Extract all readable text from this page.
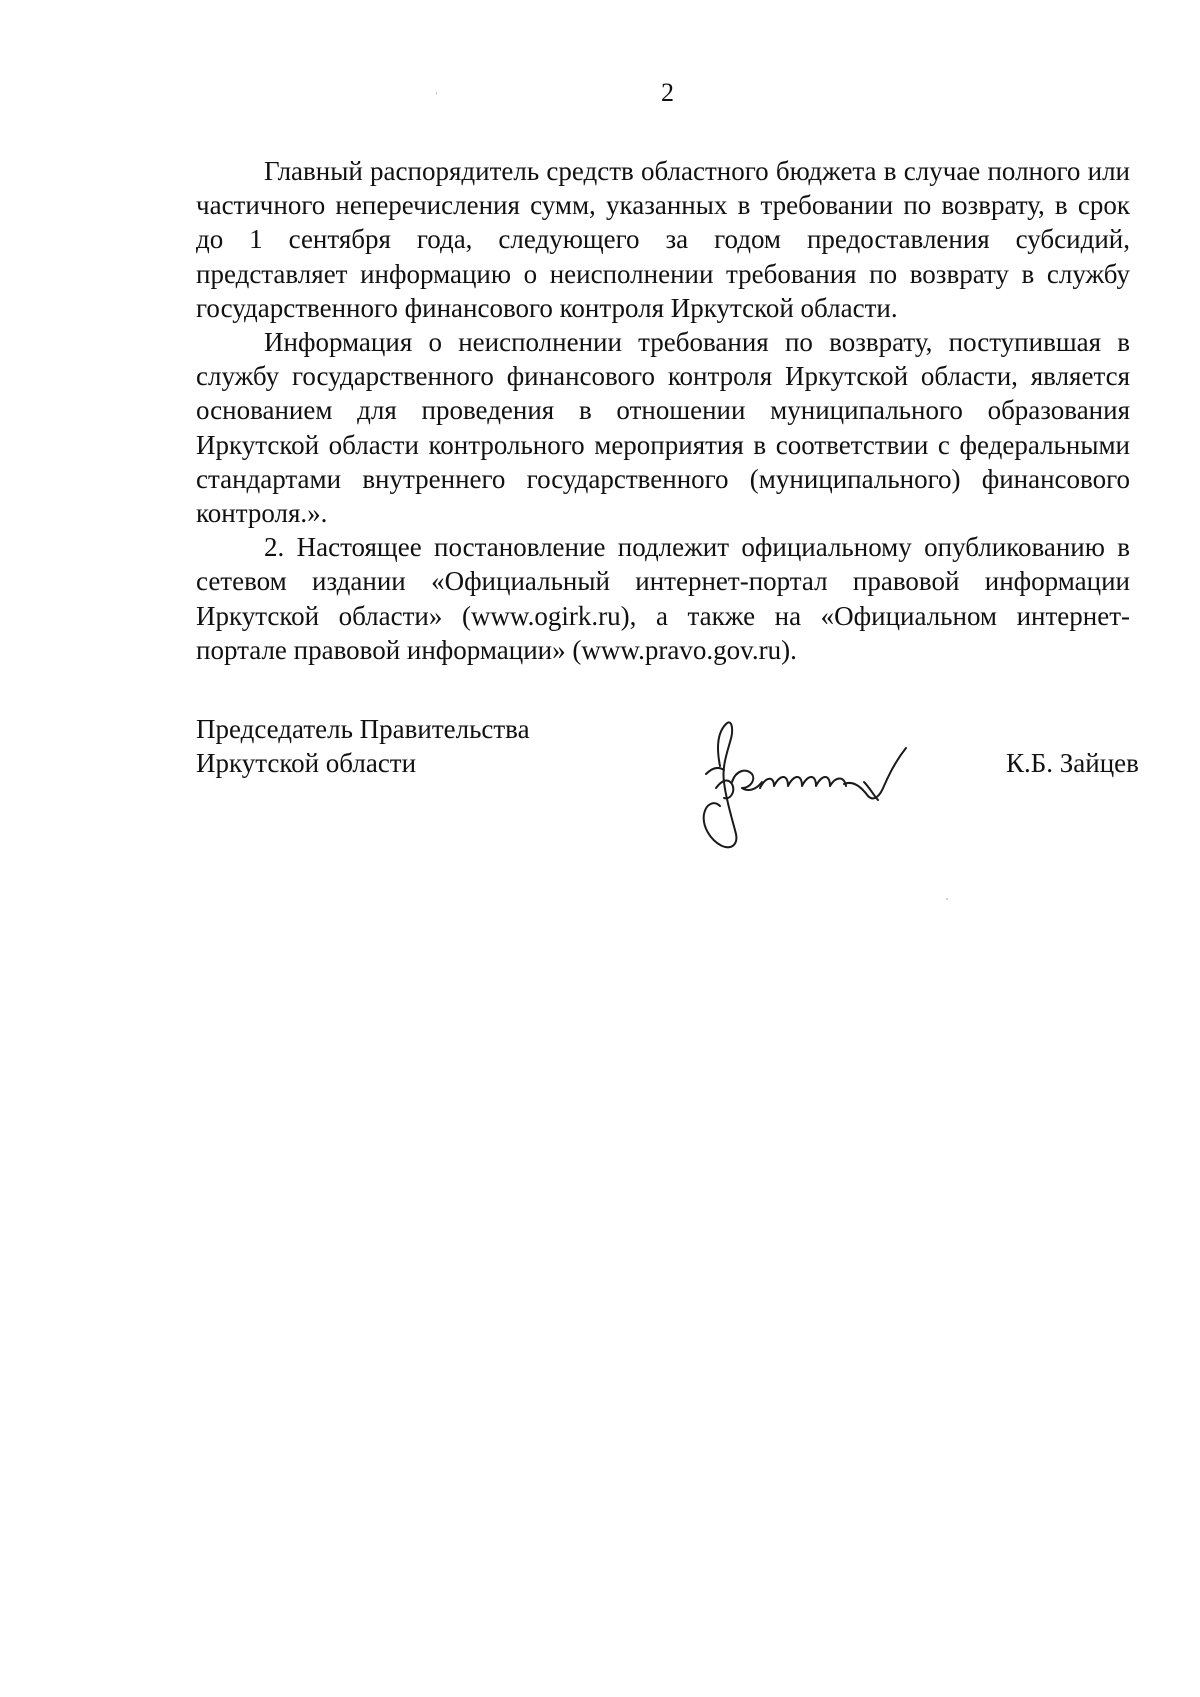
2

Главный распорядитель средств областного бюджета в случае полного или частичного неперечисления сумм, указанных в требовании по возврату, в срок до 1 сентября года, следующего за годом предоставления субсидий, представляет информацию о неисполнении требования по возврату в службу государственного финансового контроля Иркутской области.

Информация о неисполнении требования по возврату, поступившая в службу государственного финансового контроля Иркутской области, является основанием для проведения в отношении муниципального образования Иркутской области контрольного мероприятия в соответствии с федеральными стандартами внутреннего государственного (муниципального) финансового контроля.».

2. Настоящее постановление подлежит официальному опубликованию в сетевом издании «Официальный интернет-портал правовой информации Иркутской области» (www.ogirk.ru), а также на «Официальном интернет-портале правовой информации» (www.pravo.gov.ru).

Председатель Правительства
Иркутской области	К.Б. Зайцев
